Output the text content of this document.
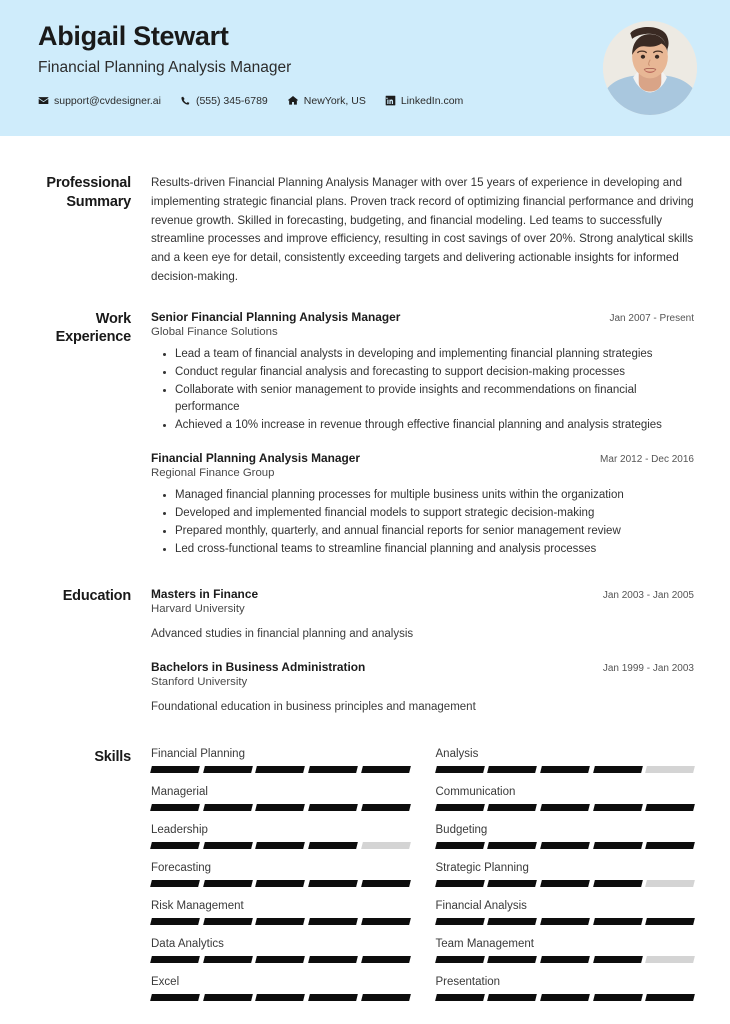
Abigail Stewart
Financial Planning Analysis Manager
support@cvdesigner.ai	(555) 345-6789	NewYork, US	LinkedIn.com
Professional
Summary
Results-driven Financial Planning Analysis Manager with over 15 years of experience in developing and implementing strategic financial plans. Proven track record of optimizing financial performance and driving revenue growth. Skilled in forecasting, budgeting, and financial modeling. Led teams to successfully streamline processes and improve efficiency, resulting in cost savings of over 20%. Strong analytical skills and a keen eye for detail, consistently exceeding targets and delivering actionable insights for informed decision-making.
Work
Experience
Senior Financial Planning Analysis Manager	Jan 2007 - Present
Global Finance Solutions
• Lead a team of financial analysts in developing and implementing financial planning strategies
• Conduct regular financial analysis and forecasting to support decision-making processes
• Collaborate with senior management to provide insights and recommendations on financial performance
• Achieved a 10% increase in revenue through effective financial planning and analysis strategies
Financial Planning Analysis Manager	Mar 2012 - Dec 2016
Regional Finance Group
• Managed financial planning processes for multiple business units within the organization
• Developed and implemented financial models to support strategic decision-making
• Prepared monthly, quarterly, and annual financial reports for senior management review
• Led cross-functional teams to streamline financial planning and analysis processes
Education	Masters in Finance	Jan 2003 - Jan 2005
Harvard University
Advanced studies in financial planning and analysis
Bachelors in Business Administration	Jan 1999 - Jan 2003
Stanford University
Foundational education in business principles and management
Skills	Financial Planning	Analysis
Managerial	Communication
Leadership	Budgeting
Forecasting	Strategic Planning
Risk Management	Financial Analysis
Data Analytics	Team Management
Excel	Presentation
